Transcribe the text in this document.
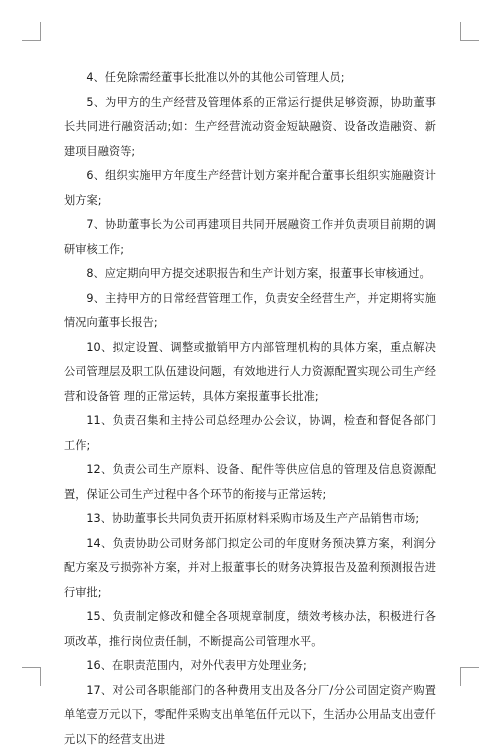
4、任免除需经董事长批准以外的其他公司管理人员;

5、为甲方的生产经营及管理体系的正常运行提供足够资源，协助董事长共同进行融资活动;如：生产经营流动资金短缺融资、设备改造融资、新建项目融资等;

6、组织实施甲方年度生产经营计划方案并配合董事长组织实施融资计划方案;

7、协助董事长为公司再建项目共同开展融资工作并负责项目前期的调研审核工作;

8、应定期向甲方提交述职报告和生产计划方案，报董事长审核通过。

9、主持甲方的日常经营管理工作，负责安全经营生产，并定期将实施情况向董事长报告;

10、拟定设置、调整或撤销甲方内部管理机构的具体方案，重点解决公司管理层及职工队伍建设问题，有效地进行人力资源配置实现公司生产经营和设备管 理的正常运转，具体方案报董事长批准;

11、负责召集和主持公司总经理办公会议，协调，检查和督促各部门工作;

12、负责公司生产原料、设备、配件等供应信息的管理及信息资源配置，保证公司生产过程中各个环节的衔接与正常运转;

13、协助董事长共同负责开拓原材料采购市场及生产产品销售市场;

14、负责协助公司财务部门拟定公司的年度财务预决算方案，利润分配方案及亏损弥补方案，并对上报董事长的财务决算报告及盈利预测报告进行审批;

15、负责制定修改和健全各项规章制度，绩效考核办法，积极进行各项改革，推行岗位责任制，不断提高公司管理水平。

16、在职责范围内，对外代表甲方处理业务;

17、对公司各职能部门的各种费用支出及各分厂/分公司固定资产购置单笔壹万元以下，零配件采购支出单笔伍仟元以下，生活办公用品支出壹仟元以下的经营支出进
